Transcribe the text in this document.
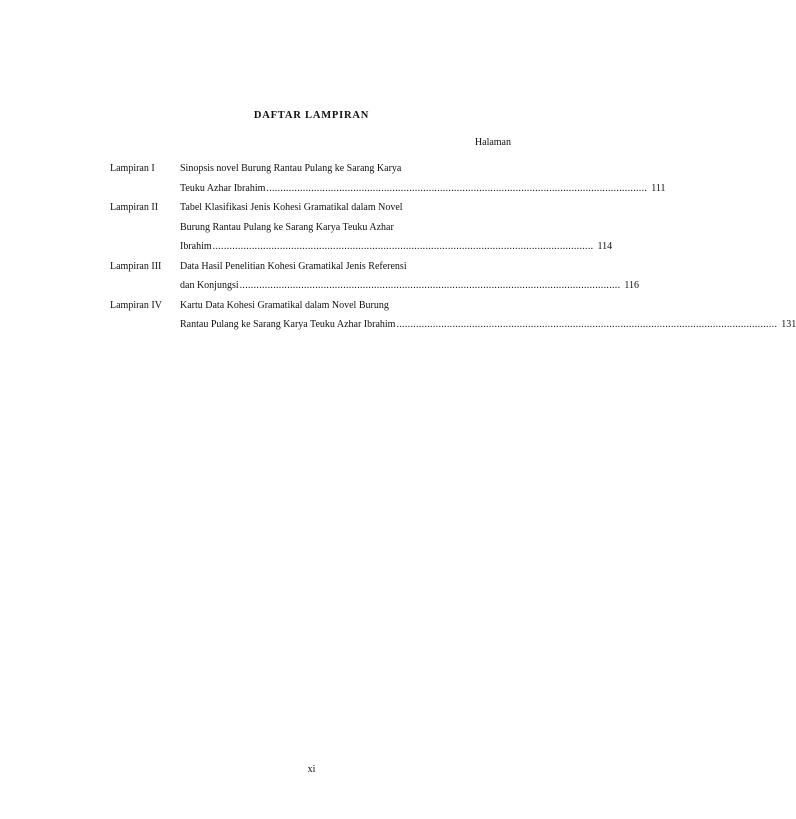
DAFTAR LAMPIRAN
Halaman
Lampiran I	Sinopsis novel Burung Rantau Pulang ke Sarang Karya
Teuku Azhar Ibrahim ........................................................................................................................................ 111
Lampiran II	Tabel Klasifikasi Jenis Kohesi Gramatikal dalam Novel
Burung Rantau Pulang ke Sarang Karya Teuku Azhar
Ibrahim ........................................................................................................................................ 114
Lampiran III	Data Hasil Penelitian Kohesi Gramatikal Jenis Referensi
dan Konjungsi ........................................................................................................................................ 116
Lampiran IV	Kartu Data Kohesi Gramatikal dalam Novel Burung
Rantau Pulang ke Sarang Karya Teuku Azhar Ibrahim ........................................................................................................................................ 131
xi
